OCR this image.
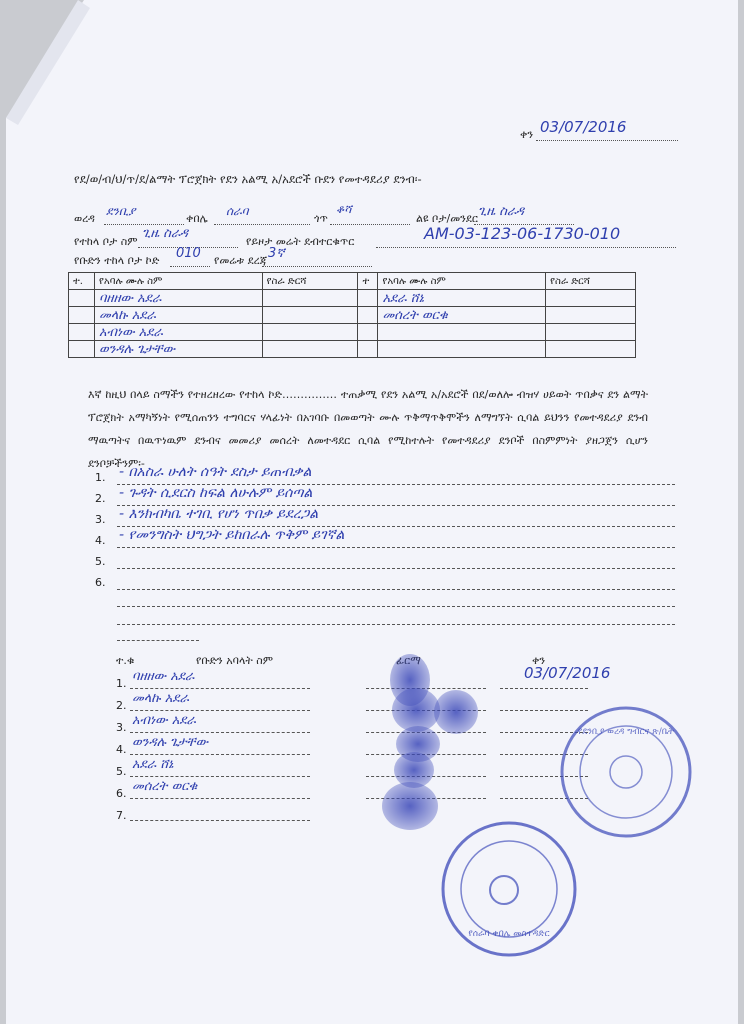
ቀን 03/07/2016
የደ/ወ/ብ/ህ/ጥ/ደ/ልማት ፕሮጀክት የደን አልሚ አ/አደሮች ቡደን የመተዳደሪያ ደንብ፡-
ወረዳ
ደንቢያ
ቀበሌ
ሰራባ
ጎጥ
ቆሻ
ልዩ ቦታ/መንደር ጊዜ ስራዳ
የተከላ ቦታ ስም
ጊዜ ስራዳ
የይዞታ መሬት ደብተርቁጥር	AM-03-123-06-1730-010
የቡድን ተከላ ቦታ ኮድ 010 የመሬቱ ደረጃ 3ኛ
ተ.	የአባሉ ሙሉ ስም	የስራ ድርሻ	ተ	የአባሉ ሙሉ ስም	የስራ ድርሻ
	ባዘዘው አደራ			አደራ ሸኔ	
	መላኩ አደራ			መሰረት ወርቁ	
	አብነው አደራ				
	ወንዳሉ ጌታቸው				
እኛ ከዚህ በላይ ስማችን የተዘረዘረው የተከላ ኮድ…………… ተጠቃሚ የደን አልሚ አ/አደሮች በደ/ወለሎ ብዝሃ ሀይወት ጥበቃና ደን ልማት ፕሮጀክት አማካኝነት የሚሰጠንን ተግባርና ሃላፊነት በአገባቡ በመወጣት ሙሉ ጥቅማጥቅሞችን ለማግኘት ሲባል ይህንን የመተዳደሪያ ደንብ ማዉጣትና በዉጥነዉም ደንብና መመሪያ መሰረት ለመተዳደር ሲባል የሚከተሉት የመተዳደሪያ ደንቦች በስምምነት ያዘጋጀን ሲሆን ደንቦቻችንም፡-
1. - በአስራ ሁለት ሰዓት ደስታ ይጠብቃል
2. - ጉዳት ሲደርስ ከፍል ለሁሉም ይሰጣል
3. - እንክብካቤ ተገቢ የሆነ ጥበቃ ይደረጋል
4. - የመንግስት ህግጋት ይከበራሉ ጥቅም ይገኛል
5.
6.
ተ.ቁ	የቡድን አባላት ስም	ቀን
03/07/2016
1. ባዘዘው አደራ
2. መላኩ አደራ
3. አብነው አደራ
4. ወንዳሉ ጌታቸው
5. አደራ ሸኔ
6. መሰረት ወርቁ
7.
የደንቢያ ወረዳ ግብርና ጽ/ቤት
የሰራባ ቀበሌ መስተዳድር
